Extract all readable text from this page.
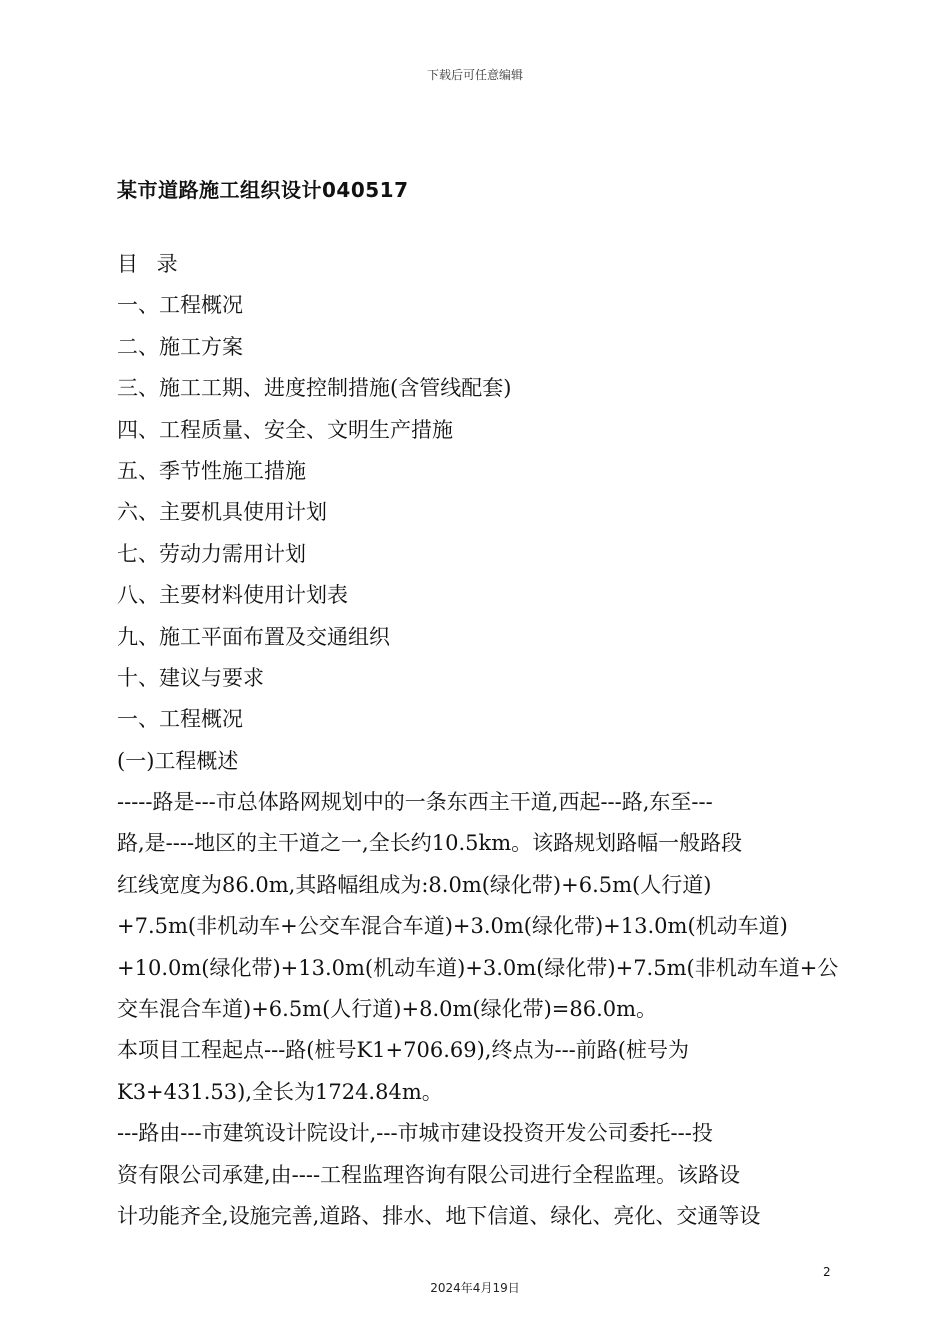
下载后可任意编辑
某市道路施工组织设计040517
目 录
一、工程概况
二、施工方案
三、施工工期、进度控制措施(含管线配套)
四、工程质量、安全、文明生产措施
五、季节性施工措施
六、主要机具使用计划
七、劳动力需用计划
八、主要材料使用计划表
九、施工平面布置及交通组织
十、建议与要求
一、工程概况
(一)工程概述
-----路是---市总体路网规划中的一条东西主干道,西起---路,东至---
路,是----地区的主干道之一,全长约10.5km。该路规划路幅一般路段
红线宽度为86.0m,其路幅组成为:8.0m(绿化带)+6.5m(人行道)
+7.5m(非机动车+公交车混合车道)+3.0m(绿化带)+13.0m(机动车道)
+10.0m(绿化带)+13.0m(机动车道)+3.0m(绿化带)+7.5m(非机动车道+公
交车混合车道)+6.5m(人行道)+8.0m(绿化带)=86.0m。
本项目工程起点---路(桩号K1+706.69),终点为---前路(桩号为
K3+431.53),全长为1724.84m。
---路由---市建筑设计院设计,---市城市建设投资开发公司委托---投
资有限公司承建,由----工程监理咨询有限公司进行全程监理。该路设
计功能齐全,设施完善,道路、排水、地下信道、绿化、亮化、交通等设
2
2024年4月19日
